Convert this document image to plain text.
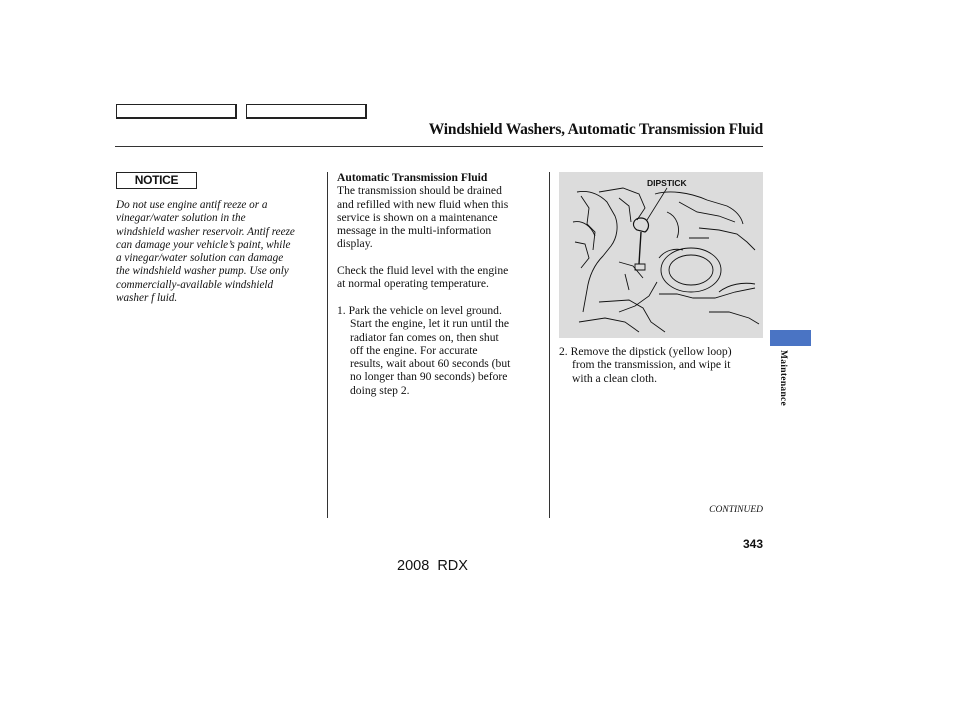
Windshield Washers, Automatic Transmission Fluid
NOTICE
Do not use engine antif reeze or a
vinegar/water solution in the
windshield washer reservoir. Antif reeze
can damage your vehicle’s paint, while
a vinegar/water solution can damage
the windshield washer pump. Use only
commercially-available windshield
washer f luid.
Automatic Transmission Fluid
The transmission should be drained
and refilled with new fluid when this
service is shown on a maintenance
message in the multi-information
display.
Check the fluid level with the engine
at normal operating temperature.
1. Park the vehicle on level ground.
Start the engine, let it run until the
radiator fan comes on, then shut
off the engine. For accurate
results, wait about 60 seconds (but
no longer than 90 seconds) before
doing step 2.
DIPSTICK
2. Remove the dipstick (yellow loop)
from the transmission, and wipe it
with a clean cloth.
CONTINUED
343
2008  RDX
Maintenance
